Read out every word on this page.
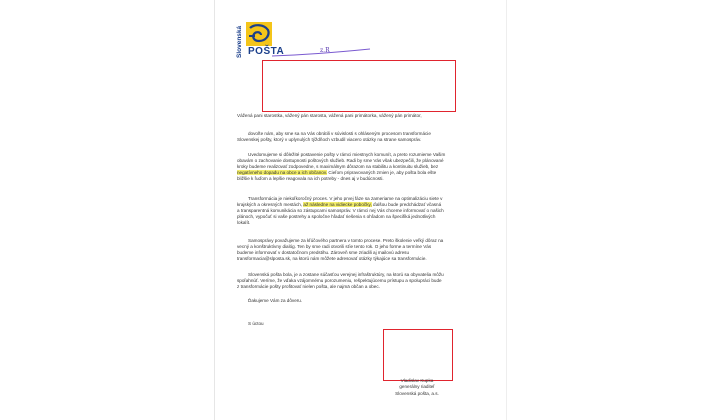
Slovenská POŠTA	z.R
Vážená pani starostka, vážený pán starosta, vážená pani primátorka, vážený pán primátor,
dovoľte nám, aby sme sa na Vás obrátili v súvislosti s ohláseným procesom transformácie
Slovenskej pošty, ktorý v uplynulých týždňoch vzbudil viacero otázky na strane samospráv.
Uvedomujeme si dôležité postavenie pošty v rámci miestnych komunít, a preto rozumieme Vašim
obavám o zachovanie dostupnosti poštových služieb. Radi by sme Vás však ubezpečili, že plánované
kroky budeme realizovať zodpovedne, s maximálnym dôrazom na stabilitu a kontinuitu služieb, bez
negatívneho dopadu na obce a ich občanov. Cieľom pripravovaných zmien je, aby pošta bola ešte
bližšie k ľuďom a lepšie reagovala na ich potreby - dnes aj v budúcnosti.
Transformácia je niekoľkoročný proces. V jeho prvej fáze sa zameriame na optimalizáciu siete v
krajských a okresných mestách, až následne na vidiecke pobočky, ďalšou bude predchádzať včasná
a transparentná komunikácia so zástupcami samospráv. V rámci nej Vás chceme informovať o našich
plánoch, vypočuť si vaše postrehy a spoločne hľadať riešenia s ohľadom na špecifiká jednotlivých
lokalít.
Samosprávy považujeme za kľúčového partnera v tomto procese. Preto školenie veľký dôraz na
vecný a konštruktívny dialóg. Ten by sme radi otvorili sťie tento rok. O jeho forme a termíne Vás
budeme informovať v dostatočnom predstihu. Zároveň sme zriadili aj mailovú adresu
transformacia@slposta.sk, na ktorú nám môžete adresovať otázky týkajúce sa transformácie.
Slovenská pošta bola, je a zostane súčasťou verejnej infraštruktúry, na ktorú sa obyvatelia môžu
spoľahnúť. Veríme, že vďaka vzájomnému porozumeniu, rešpektujúcemu prístupu a spolupráci bude
z transformácie pošty profitovať nielen pošta, ale najmä občan a obec.
Ďakujeme Vám za dôveru.
S úctou
Vladislav Kupka
generálny riaditeľ
Slovenská pošta, a.s.
